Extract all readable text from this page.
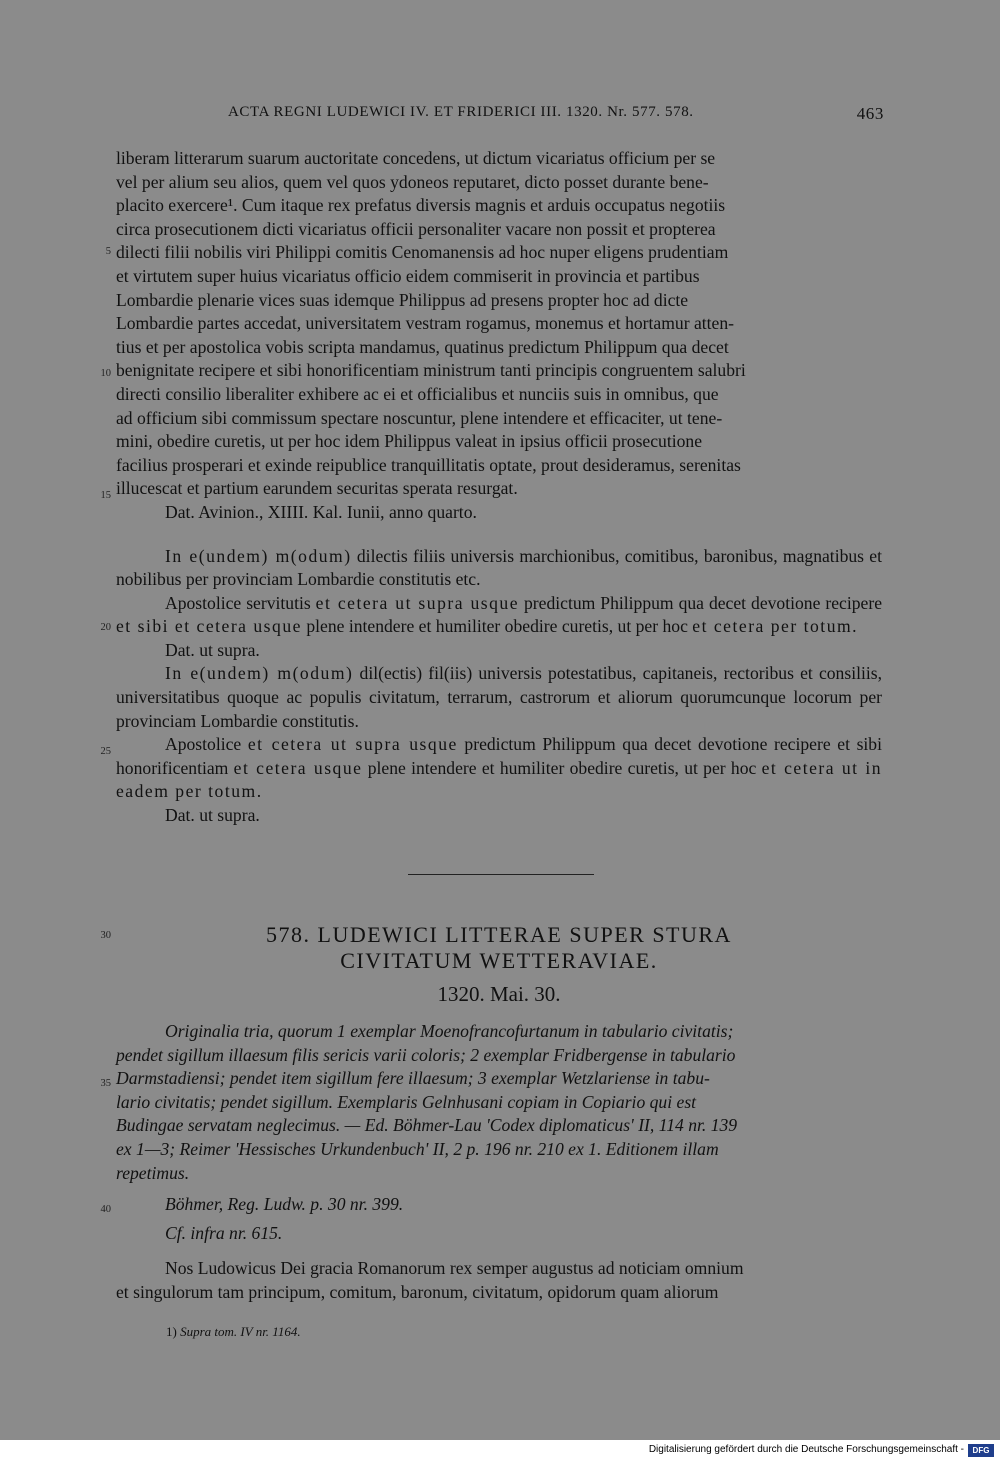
ACTA REGNI LUDEWICI IV. ET FRIDERICI III. 1320. Nr. 577. 578.	463
5
10
15
20
25
30
35
40
liberam litterarum suarum auctoritate concedens, ut dictum vicariatus officium per se
vel per alium seu alios, quem vel quos ydoneos reputaret, dicto posset durante bene-
placito exercere¹. Cum itaque rex prefatus diversis magnis et arduis occupatus negotiis
circa prosecutionem dicti vicariatus officii personaliter vacare non possit et propterea
dilecti filii nobilis viri Philippi comitis Cenomanensis ad hoc nuper eligens prudentiam
et virtutem super huius vicariatus officio eidem commiserit in provincia et partibus
Lombardie plenarie vices suas idemque Philippus ad presens propter hoc ad dicte
Lombardie partes accedat, universitatem vestram rogamus, monemus et hortamur atten-
tius et per apostolica vobis scripta mandamus, quatinus predictum Philippum qua decet
benignitate recipere et sibi honorificentiam ministrum tanti principis congruentem salubri
directi consilio liberaliter exhibere ac ei et officialibus et nunciis suis in omnibus, que
ad officium sibi commissum spectare noscuntur, plene intendere et efficaciter, ut tene-
mini, obedire curetis, ut per hoc idem Philippus valeat in ipsius officii prosecutione
facilius prosperari et exinde reipublice tranquillitatis optate, prout desideramus, serenitas
illucescat et partium earundem securitas sperata resurgat.

Dat. Avinion., XIIII. Kal. Iunii, anno quarto.

In e(undem) m(odum) dilectis filiis universis marchionibus, comitibus, baronibus, magnatibus et nobilibus per provinciam Lombardie constitutis etc.

Apostolice servitutis et cetera ut supra usque predictum Philippum qua decet devotione recipere et sibi et cetera usque plene intendere et humiliter obedire curetis, ut per hoc et cetera per totum.

Dat. ut supra.

In e(undem) m(odum) dil(ectis) fil(iis) universis potestatibus, capitaneis, rectoribus et consiliis, universitatibus quoque ac populis civitatum, terrarum, castrorum et aliorum quorumcunque locorum per provinciam Lombardie constitutis.

Apostolice et cetera ut supra usque predictum Philippum qua decet devotione recipere et sibi honorificentiam et cetera usque plene intendere et humiliter obedire curetis, ut per hoc et cetera ut in eadem per totum.

Dat. ut supra.

578. LUDEWICI LITTERAE SUPER STURA
CIVITATUM WETTERAVIAE.
1320. Mai. 30.
Originalia tria, quorum 1 exemplar Moenofrancofurtanum in tabulario civitatis;
pendet sigillum illaesum filis sericis varii coloris; 2 exemplar Fridbergense in tabulario
Darmstadiensi; pendet item sigillum fere illaesum; 3 exemplar Wetzlariense in tabu-
lario civitatis; pendet sigillum. Exemplaris Gelnhusani copiam in Copiario qui est
Budingae servatam neglecimus. — Ed. Böhmer-Lau 'Codex diplomaticus' II, 114 nr. 139
ex 1—3; Reimer 'Hessisches Urkundenbuch' II, 2 p. 196 nr. 210 ex 1. Editionem illam
repetimus.

Böhmer, Reg. Ludw. p. 30 nr. 399.

Cf. infra nr. 615.

Nos Ludowicus Dei gracia Romanorum rex semper augustus ad noticiam omnium
et singulorum tam principum, comitum, baronum, civitatum, opidorum quam aliorum
1) Supra tom. IV nr. 1164.
Digitalisierung gefördert durch die Deutsche Forschungsgemeinschaft -	DFG
